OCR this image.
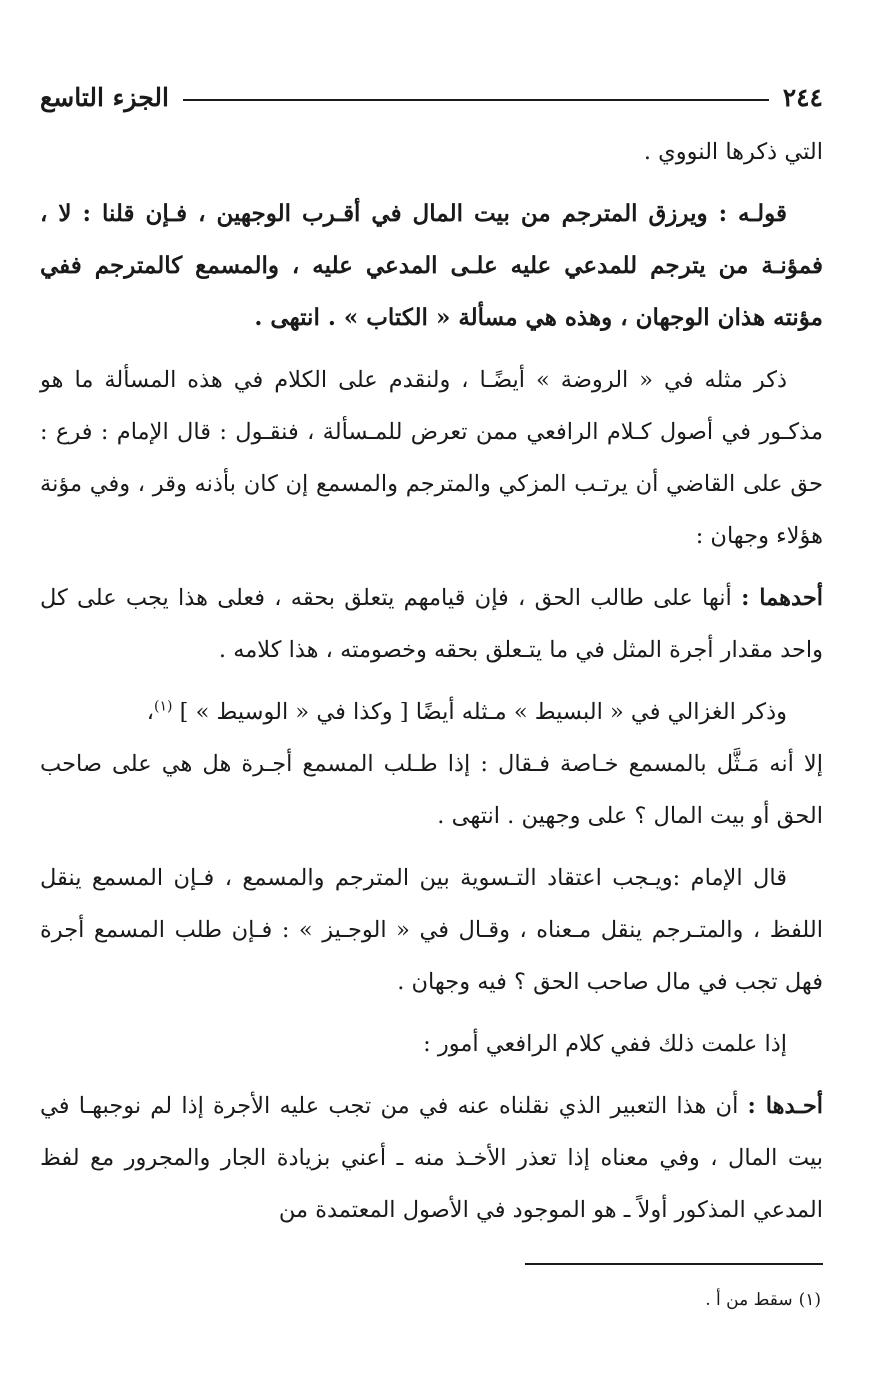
٢٤٤
الجزء التاسع

التي ذكرها النووي .

قولـه : ويرزق المترجم من بيت المال في أقـرب الوجهين ، فـإن قلنا : لا ، فمؤنـة من يترجم للمدعي عليه علـى المدعي عليه ، والمسمع كالمترجم ففي مؤنته هذان الوجهان ، وهذه هي مسألة « الكتاب » . انتهى .

ذكر مثله في « الروضة » أيضًـا ، ولنقدم على الكلام في هذه المسألة ما هو مذكـور في أصول كـلام الرافعي ممن تعرض للمـسألة ، فنقـول : قال الإمام : فرع : حق على القاضي أن يرتـب المزكي والمترجم والمسمع إن كان بأذنه وقر ، وفي مؤنة هؤلاء وجهان :

أحدهما : أنها على طالب الحق ، فإن قيامهم يتعلق بحقه ، فعلى هذا يجب على كل واحد مقدار أجرة المثل في ما يتـعلق بحقه وخصومته ، هذا كلامه .

وذكر الغزالي في « البسيط » مـثله أيضًا [ وكذا في « الوسيط » ] $^{(١)}$،

إلا أنه مَـثَّل بالمسمع خـاصة فـقال : إذا طـلب المسمع أجـرة هل هي على صاحب الحق أو بيت المال ؟ على وجهين . انتهى .

قال الإمام :ويـجب اعتقاد التـسوية بين المترجم والمسمع ، فـإن المسمع ينقل اللفظ ، والمتـرجم ينقل مـعناه ، وقـال في « الوجـيز » : فـإن طلب المسمع أجرة فهل تجب في مال صاحب الحق ؟ فيه وجهان .

إذا علمت ذلك ففي كلام الرافعي أمور :

أحـدها : أن هذا التعبير الذي نقلناه عنه في من تجب عليه الأجرة إذا لم نوجبهـا في بيت المال ، وفي معناه إذا تعذر الأخـذ منه ـ أعني بزيادة الجار والمجرور مع لفظ المدعي المذكور أولاً ـ هو الموجود في الأصول المعتمدة من

(١)سقط من أ .
